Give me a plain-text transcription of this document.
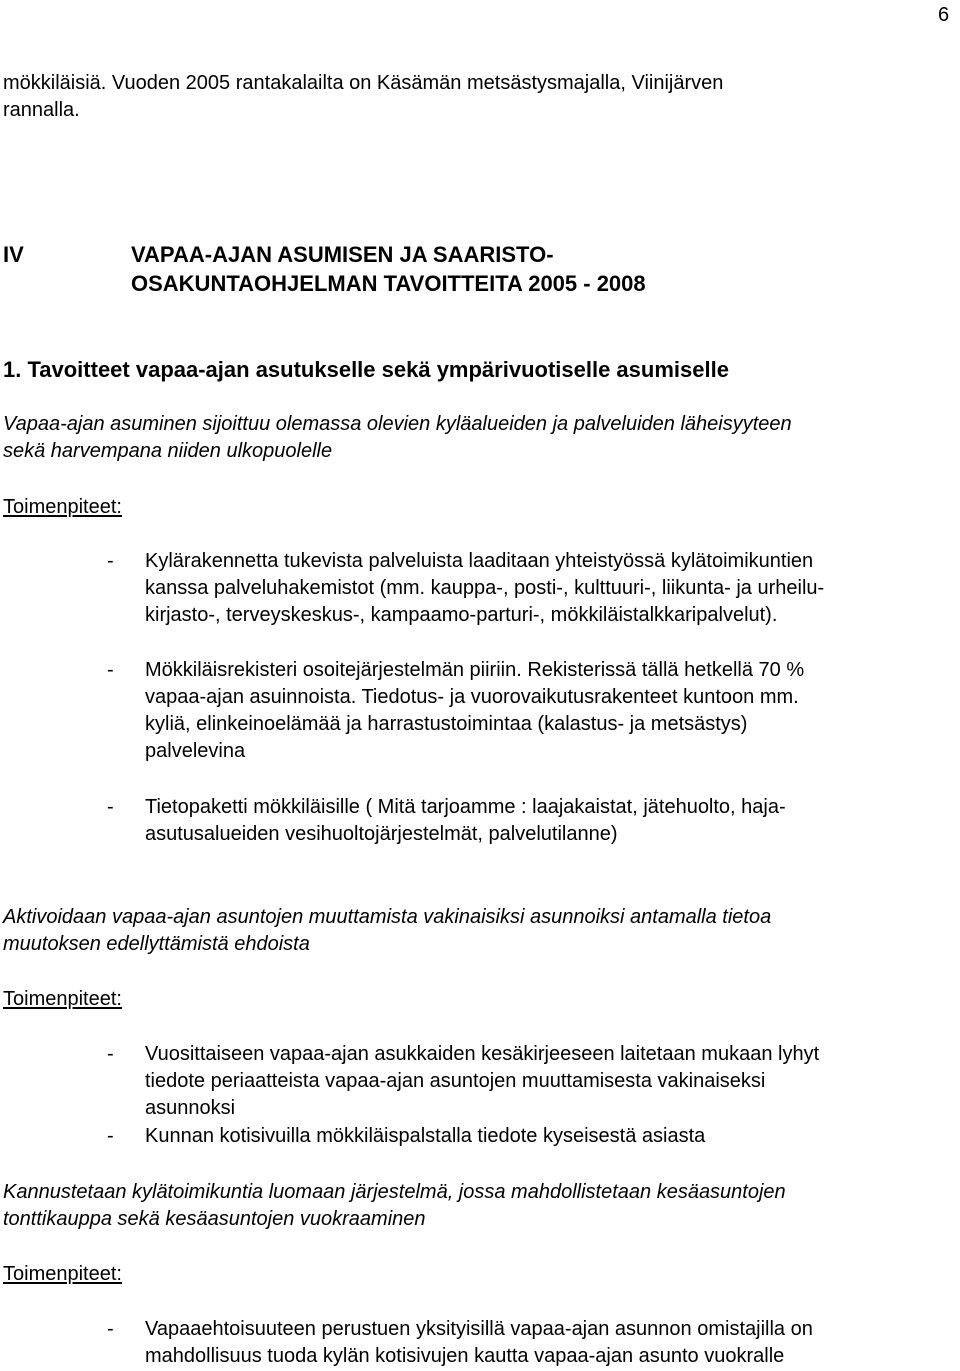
6
mökkiläisiä. Vuoden 2005 rantakalailta on Käsämän metsästysmajalla, Viinijärven
rannalla.
IV	VAPAA-AJAN ASUMISEN JA SAARISTO-
OSAKUNTAOHJELMAN TAVOITTEITA 2005 - 2008
1. Tavoitteet vapaa-ajan asutukselle sekä ympärivuotiselle asumiselle
Vapaa-ajan asuminen sijoittuu olemassa olevien kyläalueiden ja palveluiden läheisyyteen
sekä harvempana niiden ulkopuolelle
Toimenpiteet:
- Kylärakennetta tukevista palveluista laaditaan yhteistyössä kylätoimikuntien
kanssa palveluhakemistot (mm. kauppa-, posti-, kulttuuri-, liikunta- ja urheilu-
kirjasto-, terveyskeskus-, kampaamo-parturi-, mökkiläistalkkaripalvelut).
- Mökkiläisrekisteri osoitejärjestelmän piiriin. Rekisterissä tällä hetkellä 70 %
vapaa-ajan asuinnoista. Tiedotus- ja vuorovaikutusrakenteet kuntoon mm.
kyliä, elinkeinoelämää ja harrastustoimintaa (kalastus- ja metsästys)
palvelevina
- Tietopaketti mökkiläisille ( Mitä tarjoamme : laajakaistat, jätehuolto, haja-
asutusalueiden vesihuoltojärjestelmät, palvelutilanne)
Aktivoidaan vapaa-ajan asuntojen muuttamista vakinaisiksi asunnoiksi antamalla tietoa
muutoksen edellyttämistä ehdoista
Toimenpiteet:
- Vuosittaiseen vapaa-ajan asukkaiden kesäkirjeeseen laitetaan mukaan lyhyt
tiedote periaatteista vapaa-ajan asuntojen muuttamisesta vakinaiseksi
asunnoksi
- Kunnan kotisivuilla mökkiläispalstalla tiedote kyseisestä asiasta
Kannustetaan kylätoimikuntia luomaan järjestelmä, jossa mahdollistetaan kesäasuntojen
tonttikauppa sekä kesäasuntojen vuokraaminen
Toimenpiteet:
- Vapaaehtoisuuteen perustuen yksityisillä vapaa-ajan asunnon omistajilla on
mahdollisuus tuoda kylän kotisivujen kautta vapaa-ajan asunto vuokralle
